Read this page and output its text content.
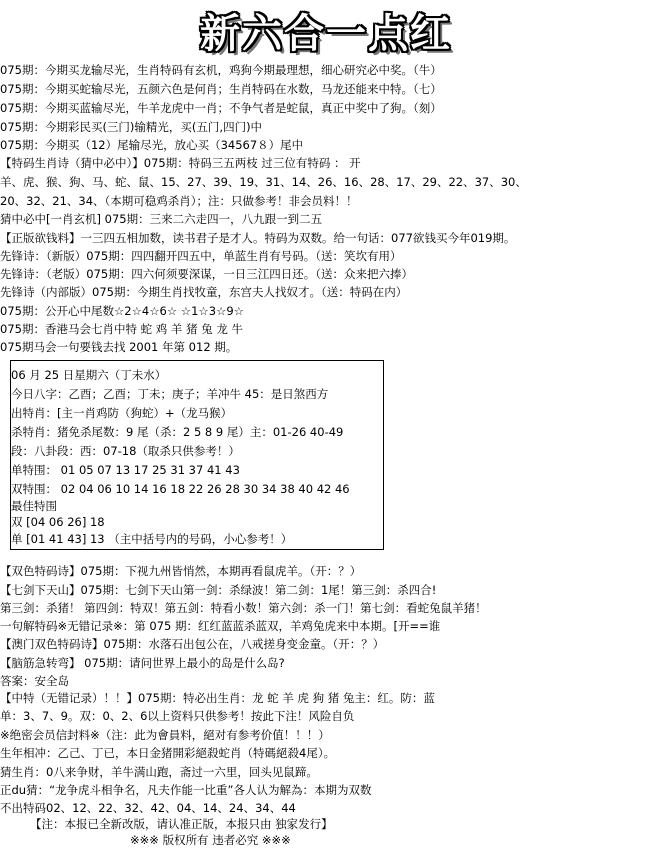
新六合一点红
075期：今期买龙输尽光，生肖特码有玄机，鸡狗今期最理想，细心研究必中奖。（牛）
075期：今期买蛇输尽光，五颜六色是何肖；生肖特码在水数，马龙还能来中特。（七）
075期：今期买蓝输尽光，牛羊龙虎中一肖；不争气者是蛇鼠，真正中奖中了狗。（刻）
075期：今期彩民买(三门)输精光，买(五门,四门)中
075期：今期买（12）尾输尽光，放心买（34567８）尾中
【特码生肖诗（猜中必中）】075期：特码三五两枝 过三位有特码 ： 开
羊、虎、猴、狗、马、蛇、鼠、15、27、39、19、31、14、26、16、28、17、29、22、37、30、
20、32、21、34、（本期可稳鸡杀肖）；注：只做参考！非会员料！！
猜中必中[一肖玄机] 075期：三来二六走四一，八九跟一到二五
【正版欲钱料】一三四五相加数，读书君子是才人。特码为双数。给一句话：077欲钱买今年019期。
先锋诗：（新版）075期：四四翻开四五中，单蓝生肖有号码。（送：笑坎有用）
先锋诗：（老版）075期：四六何须要深谋，一日三江四日还。（送：众来把六捧）
先锋诗（内部版）075期：今期生肖找牧童，东宫夫人找奴才。（送：特码在内）
075期：公开心中尾数☆2☆4☆6☆ ☆1☆3☆9☆
075期：香港马会七肖中特 蛇 鸡 羊 猪 兔 龙 牛
075期马会一句要钱去找 2001 年第 012 期。
06 月 25 日星期六（丁未水）
今日八字：乙酉；乙酉；丁未；庚子；羊冲牛 45：是日煞西方
出特肖：[主一肖鸡防（狗蛇）+（龙马猴）
杀特肖：猪免杀尾数：9 尾（杀：2 5 8 9 尾）主：01-26 40-49
段：八卦段：西：07-18（取杀只供参考！）
单特围： 01 05 07 13 17 25 31 37 41 43
双特围： 02 04 06 10 14 16 18 22 26 28 30 34 38 40 42 46
最佳特围
双 [04 06 26] 18
单 [01 41 43] 13 （主中括号内的号码，小心参考！）
【双色特码诗】075期：下视九州皆悄然，本期再看鼠虎羊。（开：？）
【七剑下天山】075期：七剑下天山第一剑：杀绿波！第二剑：1尾！第三剑：杀四合!
第三剑：杀猪！ 第四剑：特双！第五剑：特看小数！第六剑：杀一门！第七剑：看蛇兔鼠羊猪！
一句解特码※无错记录※：第 075 期：红红蓝蓝杀蓝双，羊鸡兔虎来中本期。[开==谁
【澳门双色特码诗】075期：水落石出包公在，八戒搓身变金童。（开：？）
【脑筋急转弯】 075期：请问世界上最小的岛是什么岛?
答案：安全岛
【中特（无错记录）！！】075期：特必出生肖：龙 蛇 羊 虎 狗 猪 兔主：红。防：蓝
单：3、7、9。双：0、2、6以上资料只供参考！按此下注！风险自负
※绝密会员信封料※（注：此为會員料，絕对有参考价值！！！）
生年相冲：乙己、丁已，本日金猪開彩絕殺蛇肖（特碼絕殺4尾）。
猜生肖：0八来争财，羊牛满山跑，斋过一六里，回头见鼠蹄。
正du猜：“龙争虎斗相争名，凡夫作能一比重”各人认为解為：本期为双数
不出特码02、12、22、32、42、04、14、24、34、44
【注：本报已全新改版，请认准正版，本报只由 独家发行】
※※※ 版权所有 违者必究 ※※※
